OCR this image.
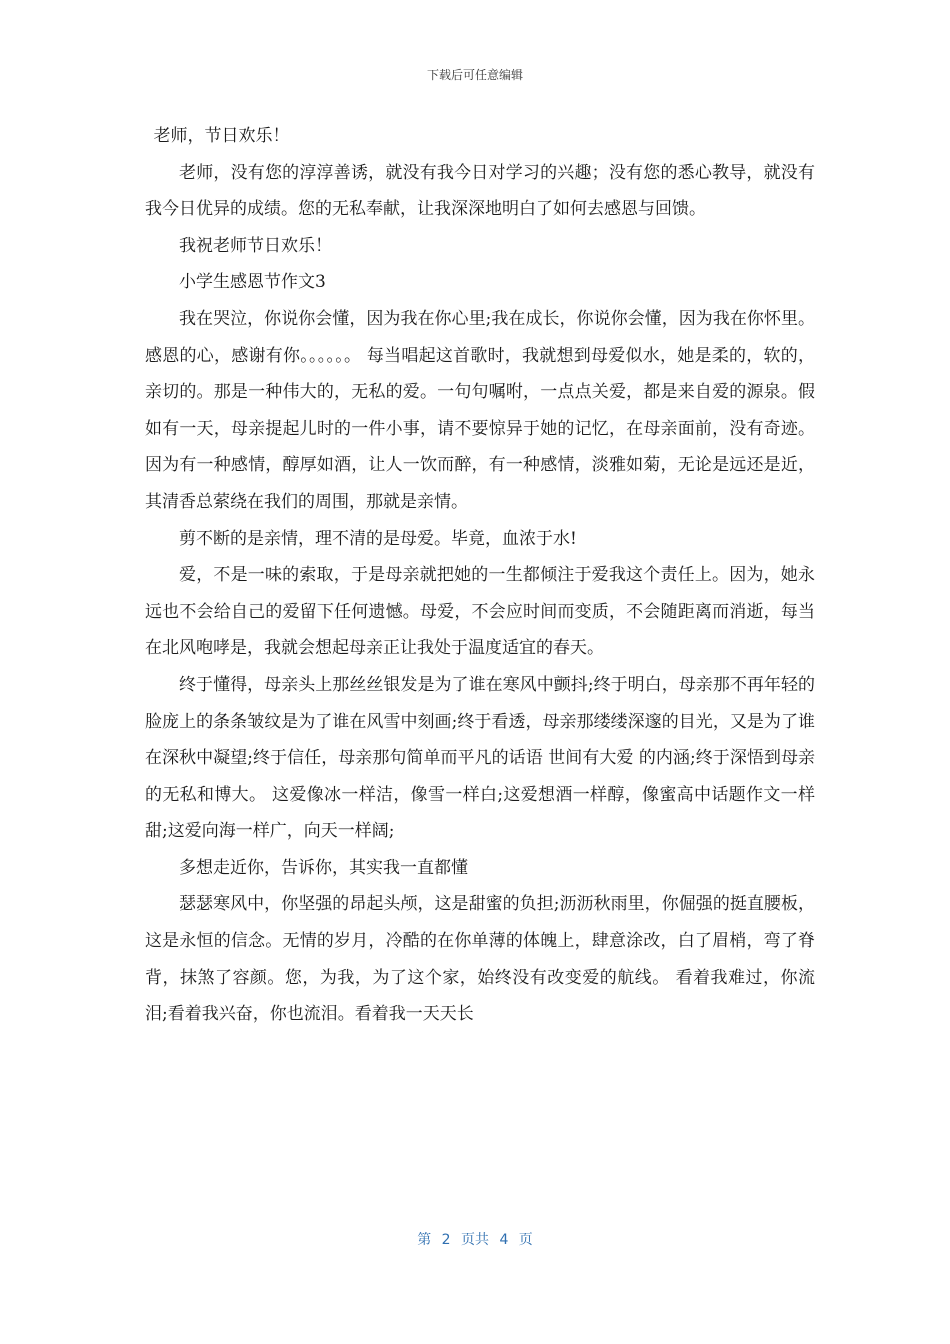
下载后可任意编辑

老师，节日欢乐！

老师，没有您的淳淳善诱，就没有我今日对学习的兴趣；没有您的悉心教导，就没有我今日优异的成绩。您的无私奉献，让我深深地明白了如何去感恩与回馈。

我祝老师节日欢乐！

小学生感恩节作文3

我在哭泣，你说你会懂，因为我在你心里;我在成长，你说你会懂，因为我在你怀里。 感恩的心，感谢有你。。。。。。 每当唱起这首歌时，我就想到母爱似水，她是柔的，软的，亲切的。那是一种伟大的，无私的爱。一句句嘱咐，一点点关爱，都是来自爱的源泉。假如有一天，母亲提起儿时的一件小事，请不要惊异于她的记忆，在母亲面前，没有奇迹。因为有一种感情，醇厚如酒，让人一饮而醉，有一种感情，淡雅如菊，无论是远还是近，其清香总萦绕在我们的周围，那就是亲情。

剪不断的是亲情，理不清的是母爱。毕竟，血浓于水!

爱，不是一味的索取，于是母亲就把她的一生都倾注于爱我这个责任上。因为，她永远也不会给自己的爱留下任何遗憾。母爱，不会应时间而变质，不会随距离而消逝，每当在北风咆哮是，我就会想起母亲正让我处于温度适宜的春天。

终于懂得，母亲头上那丝丝银发是为了谁在寒风中颤抖;终于明白，母亲那不再年轻的脸庞上的条条皱纹是为了谁在风雪中刻画;终于看透，母亲那缕缕深邃的目光，又是为了谁在深秋中凝望;终于信任，母亲那句简单而平凡的话语 世间有大爱 的内涵;终于深悟到母亲的无私和博大。 这爱像冰一样洁，像雪一样白;这爱想酒一样醇，像蜜高中话题作文一样甜;这爱向海一样广，向天一样阔;

多想走近你，告诉你，其实我一直都懂

瑟瑟寒风中，你坚强的昂起头颅，这是甜蜜的负担;沥沥秋雨里，你倔强的挺直腰板，这是永恒的信念。无情的岁月，冷酷的在你单薄的体魄上，肆意涂改，白了眉梢，弯了脊背，抹煞了容颜。您，为我，为了这个家，始终没有改变爱的航线。 看着我难过，你流泪;看着我兴奋，你也流泪。看着我一天天长

第 2 页共 4 页
